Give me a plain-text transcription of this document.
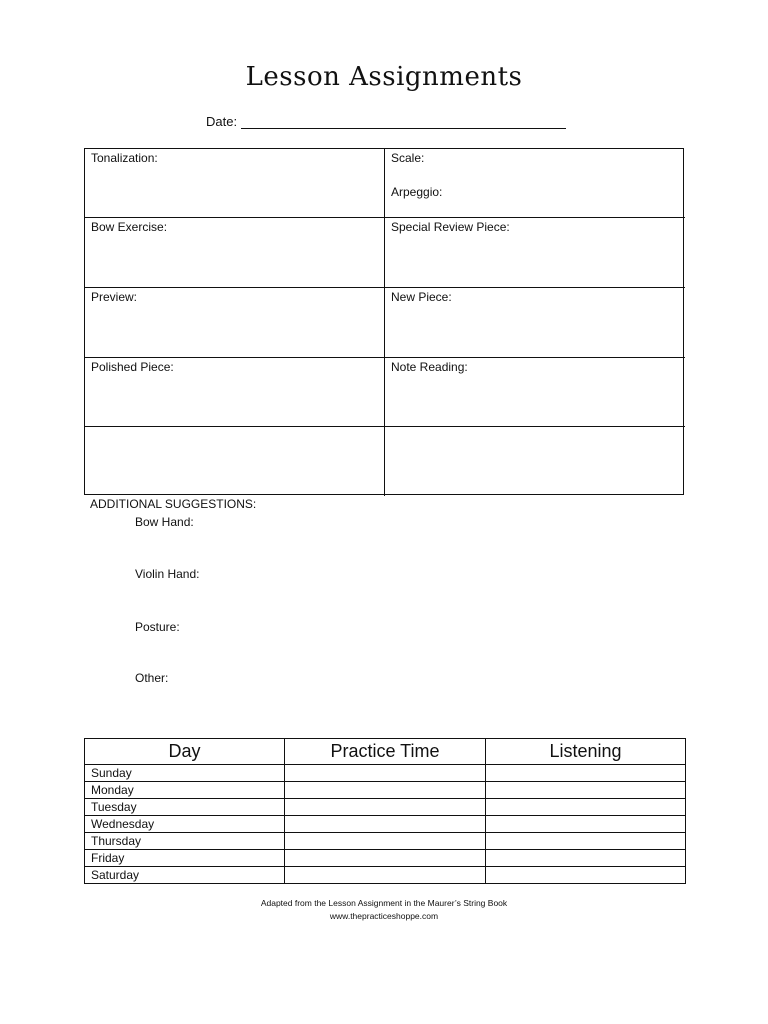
Lesson Assignments
Date:
Tonalization:	Scale:
Arpeggio:
Bow Exercise:	Special Review Piece:
Preview:	New Piece:
Polished Piece:	Note Reading:
ADDITIONAL SUGGESTIONS:
Bow Hand:
Violin Hand:
Posture:
Other:
Day	Practice Time	Listening
Sunday		
Monday		
Tuesday		
Wednesday		
Thursday		
Friday		
Saturday		
Adapted from the Lesson Assignment in the Maurer’s String Book
www.thepracticeshoppe.com
